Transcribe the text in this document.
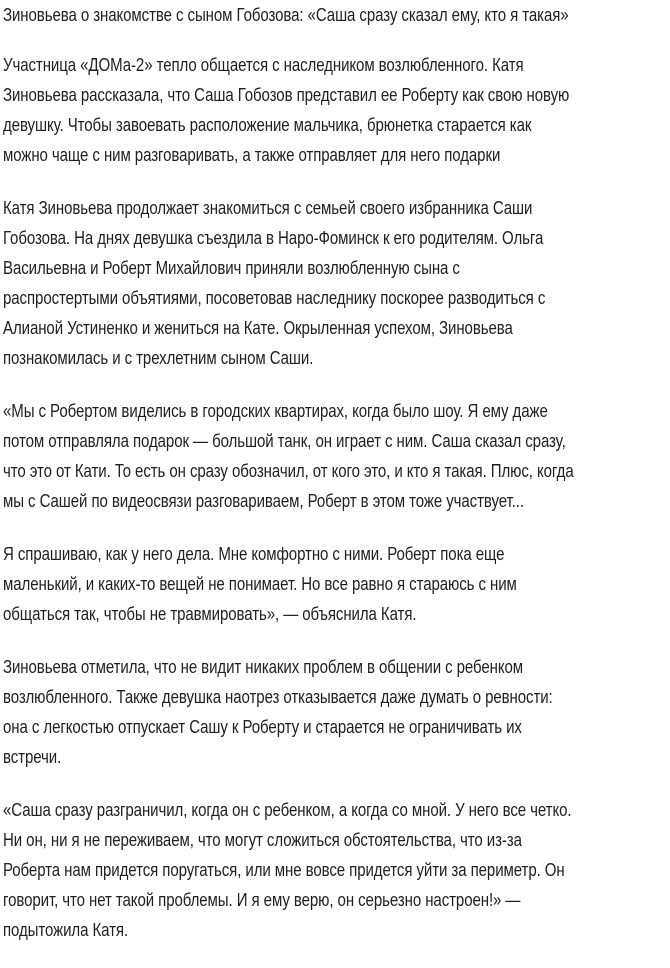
Зиновьева о знакомстве с сыном Гобозова: «Саша сразу сказал ему, кто я такая»

Участница «ДОМа-2» тепло общается с наследником возлюбленного. Катя
Зиновьева рассказала, что Саша Гобозов представил ее Роберту как свою новую
девушку. Чтобы завоевать расположение мальчика, брюнетка старается как
можно чаще с ним разговаривать, а также отправляет для него подарки

Катя Зиновьева продолжает знакомиться с семьей своего избранника Саши
Гобозова. На днях девушка съездила в Наро-Фоминск к его родителям. Ольга
Васильевна и Роберт Михайлович приняли возлюбленную сына с
распростертыми объятиями, посоветовав наследнику поскорее разводиться с
Алианой Устиненко и жениться на Кате. Окрыленная успехом, Зиновьева
познакомилась и с трехлетним сыном Саши.

«Мы с Робертом виделись в городских квартирах, когда было шоу. Я ему даже
потом отправляла подарок — большой танк, он играет с ним. Саша сказал сразу,
что это от Кати. То есть он сразу обозначил, от кого это, и кто я такая. Плюс, когда
мы с Сашей по видеосвязи разговариваем, Роберт в этом тоже участвует...

Я спрашиваю, как у него дела. Мне комфортно с ними. Роберт пока еще
маленький, и каких-то вещей не понимает. Но все равно я стараюсь с ним
общаться так, чтобы не травмировать», — объяснила Катя.

Зиновьева отметила, что не видит никаких проблем в общении с ребенком
возлюбленного. Также девушка наотрез отказывается даже думать о ревности:
она с легкостью отпускает Сашу к Роберту и старается не ограничивать их
встречи.

«Саша сразу разграничил, когда он с ребенком, а когда со мной. У него все четко.
Ни он, ни я не переживаем, что могут сложиться обстоятельства, что из-за
Роберта нам придется поругаться, или мне вовсе придется уйти за периметр. Он
говорит, что нет такой проблемы. И я ему верю, он серьезно настроен!» —
подытожила Катя.
